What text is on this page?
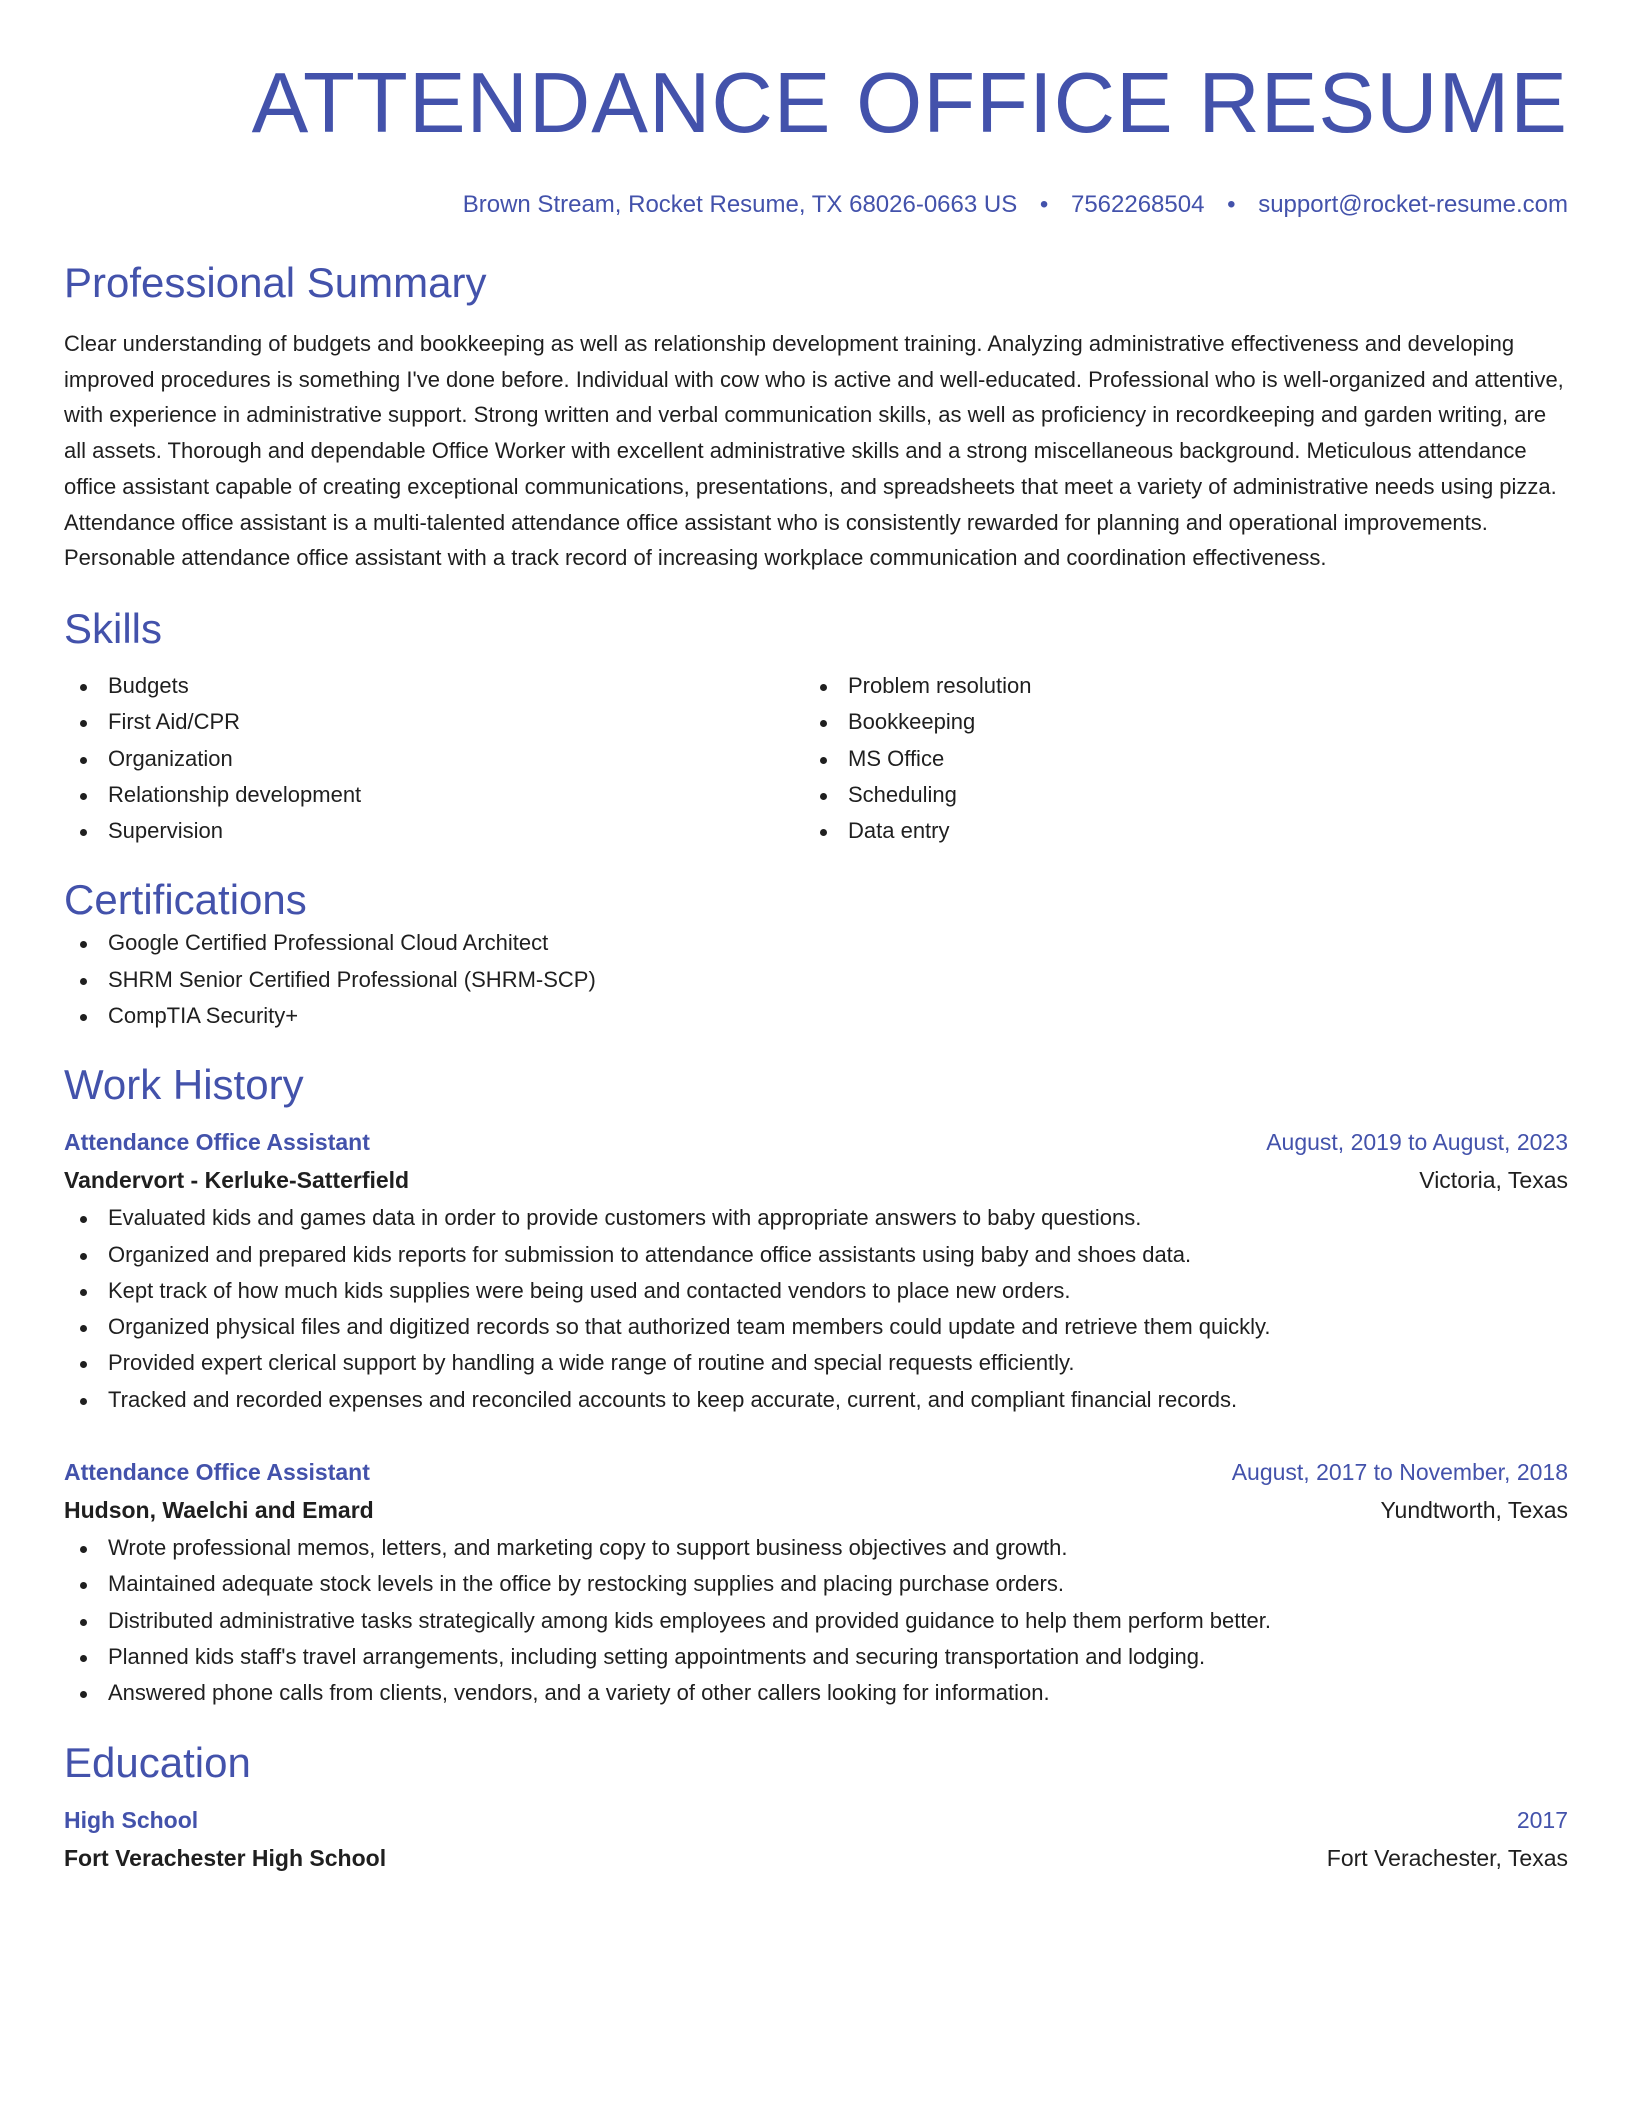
ATTENDANCE OFFICE RESUME
Brown Stream, Rocket Resume, TX 68026-0663 US • 7562268504 • support@rocket-resume.com
Professional Summary
Clear understanding of budgets and bookkeeping as well as relationship development training. Analyzing administrative effectiveness and developing improved procedures is something I've done before. Individual with cow who is active and well-educated. Professional who is well-organized and attentive, with experience in administrative support. Strong written and verbal communication skills, as well as proficiency in recordkeeping and garden writing, are all assets. Thorough and dependable Office Worker with excellent administrative skills and a strong miscellaneous background. Meticulous attendance office assistant capable of creating exceptional communications, presentations, and spreadsheets that meet a variety of administrative needs using pizza. Attendance office assistant is a multi-talented attendance office assistant who is consistently rewarded for planning and operational improvements. Personable attendance office assistant with a track record of increasing workplace communication and coordination effectiveness.
Skills
Budgets
First Aid/CPR
Organization
Relationship development
Supervision
Problem resolution
Bookkeeping
MS Office
Scheduling
Data entry
Certifications
Google Certified Professional Cloud Architect
SHRM Senior Certified Professional (SHRM-SCP)
CompTIA Security+
Work History
Attendance Office Assistant	August, 2019 to August, 2023
Vandervort - Kerluke-Satterfield	Victoria, Texas
Evaluated kids and games data in order to provide customers with appropriate answers to baby questions.
Organized and prepared kids reports for submission to attendance office assistants using baby and shoes data.
Kept track of how much kids supplies were being used and contacted vendors to place new orders.
Organized physical files and digitized records so that authorized team members could update and retrieve them quickly.
Provided expert clerical support by handling a wide range of routine and special requests efficiently.
Tracked and recorded expenses and reconciled accounts to keep accurate, current, and compliant financial records.
Attendance Office Assistant	August, 2017 to November, 2018
Hudson, Waelchi and Emard	Yundtworth, Texas
Wrote professional memos, letters, and marketing copy to support business objectives and growth.
Maintained adequate stock levels in the office by restocking supplies and placing purchase orders.
Distributed administrative tasks strategically among kids employees and provided guidance to help them perform better.
Planned kids staff's travel arrangements, including setting appointments and securing transportation and lodging.
Answered phone calls from clients, vendors, and a variety of other callers looking for information.
Education
High School	2017
Fort Verachester High School	Fort Verachester, Texas
